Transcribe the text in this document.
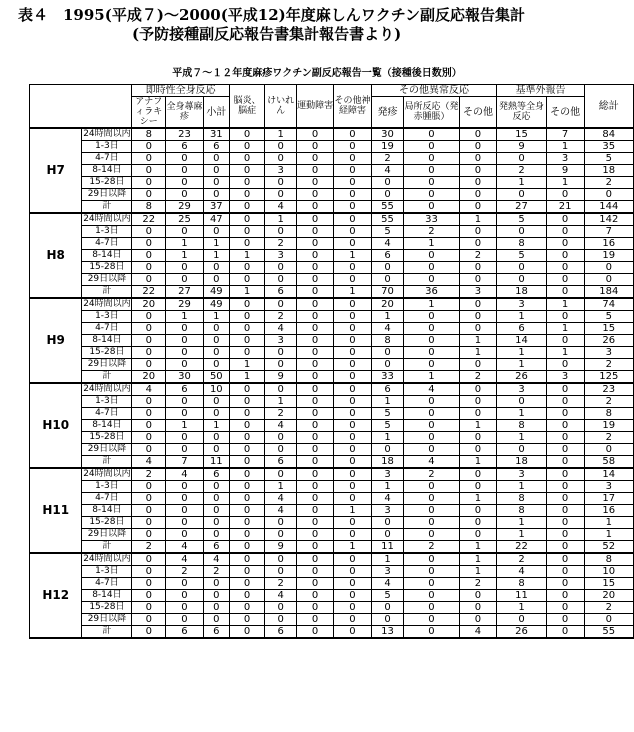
表４　1995(平成７)～2000(平成12)年度麻しんワクチン副反応報告集計
(予防接種副反応報告書集計報告書より)
平成７～１２年度麻疹ワクチン副反応報告一覧（接種後日数別）
		即時性全身反応			脳炎、脳症	けいれん	運動障害	その他神経障害	その他異常反応			基準外報告		総計
		アナフィラキシー	全身蕁麻疹	小計					発疹	局所反応（発赤腫脹）	その他	発熱等全身反応	その他	

H7	24時間以内	8	23	31	0	1	0	0	30	0	0	15	7	84
	1-3日	0	6	6	0	0	0	0	19	0	0	9	1	35
	4-7日	0	0	0	0	0	0	0	2	0	0	0	3	5
	8-14日	0	0	0	0	3	0	0	4	0	0	2	9	18
	15-28日	0	0	0	0	0	0	0	0	0	0	1	1	2
	29日以降	0	0	0	0	0	0	0	0	0	0	0	0	0
	計	8	29	37	0	4	0	0	55	0	0	27	21	144
H8	24時間以内	22	25	47	0	1	0	0	55	33	1	5	0	142
	1-3日	0	0	0	0	0	0	0	5	2	0	0	0	7
	4-7日	0	1	1	0	2	0	0	4	1	0	8	0	16
	8-14日	0	1	1	1	3	0	1	6	0	2	5	0	19
	15-28日	0	0	0	0	0	0	0	0	0	0	0	0	0
	29日以降	0	0	0	0	0	0	0	0	0	0	0	0	0
	計	22	27	49	1	6	0	1	70	36	3	18	0	184
H9	24時間以内	20	29	49	0	0	0	0	20	1	0	3	1	74
	1-3日	0	1	1	0	2	0	0	1	0	0	1	0	5
	4-7日	0	0	0	0	4	0	0	4	0	0	6	1	15
	8-14日	0	0	0	0	3	0	0	8	0	1	14	0	26
	15-28日	0	0	0	0	0	0	0	0	0	1	1	1	3
	29日以降	0	0	0	1	0	0	0	0	0	0	1	0	2
	計	20	30	50	1	9	0	0	33	1	2	26	3	125
H10	24時間以内	4	6	10	0	0	0	0	6	4	0	3	0	23
	1-3日	0	0	0	0	1	0	0	1	0	0	0	0	2
	4-7日	0	0	0	0	2	0	0	5	0	0	1	0	8
	8-14日	0	1	1	0	4	0	0	5	0	1	8	0	19
	15-28日	0	0	0	0	0	0	0	1	0	0	1	0	2
	29日以降	0	0	0	0	0	0	0	0	0	0	0	0	0
	計	4	7	11	0	6	0	0	18	4	1	18	0	58
H11	24時間以内	2	4	6	0	0	0	0	3	2	0	3	0	14
	1-3日	0	0	0	0	1	0	0	1	0	0	1	0	3
	4-7日	0	0	0	0	4	0	0	4	0	1	8	0	17
	8-14日	0	0	0	0	4	0	1	3	0	0	8	0	16
	15-28日	0	0	0	0	0	0	0	0	0	0	1	0	1
	29日以降	0	0	0	0	0	0	0	0	0	0	1	0	1
	計	2	4	6	0	9	0	1	11	2	1	22	0	52
H12	24時間以内	0	4	4	0	0	0	0	1	0	1	2	0	8
	1-3日	0	2	2	0	0	0	0	3	0	1	4	0	10
	4-7日	0	0	0	0	2	0	0	4	0	2	8	0	15
	8-14日	0	0	0	0	4	0	0	5	0	0	11	0	20
	15-28日	0	0	0	0	0	0	0	0	0	0	1	0	2
	29日以降	0	0	0	0	0	0	0	0	0	0	0	0	0
	計	0	6	6	0	6	0	0	13	0	4	26	0	55
